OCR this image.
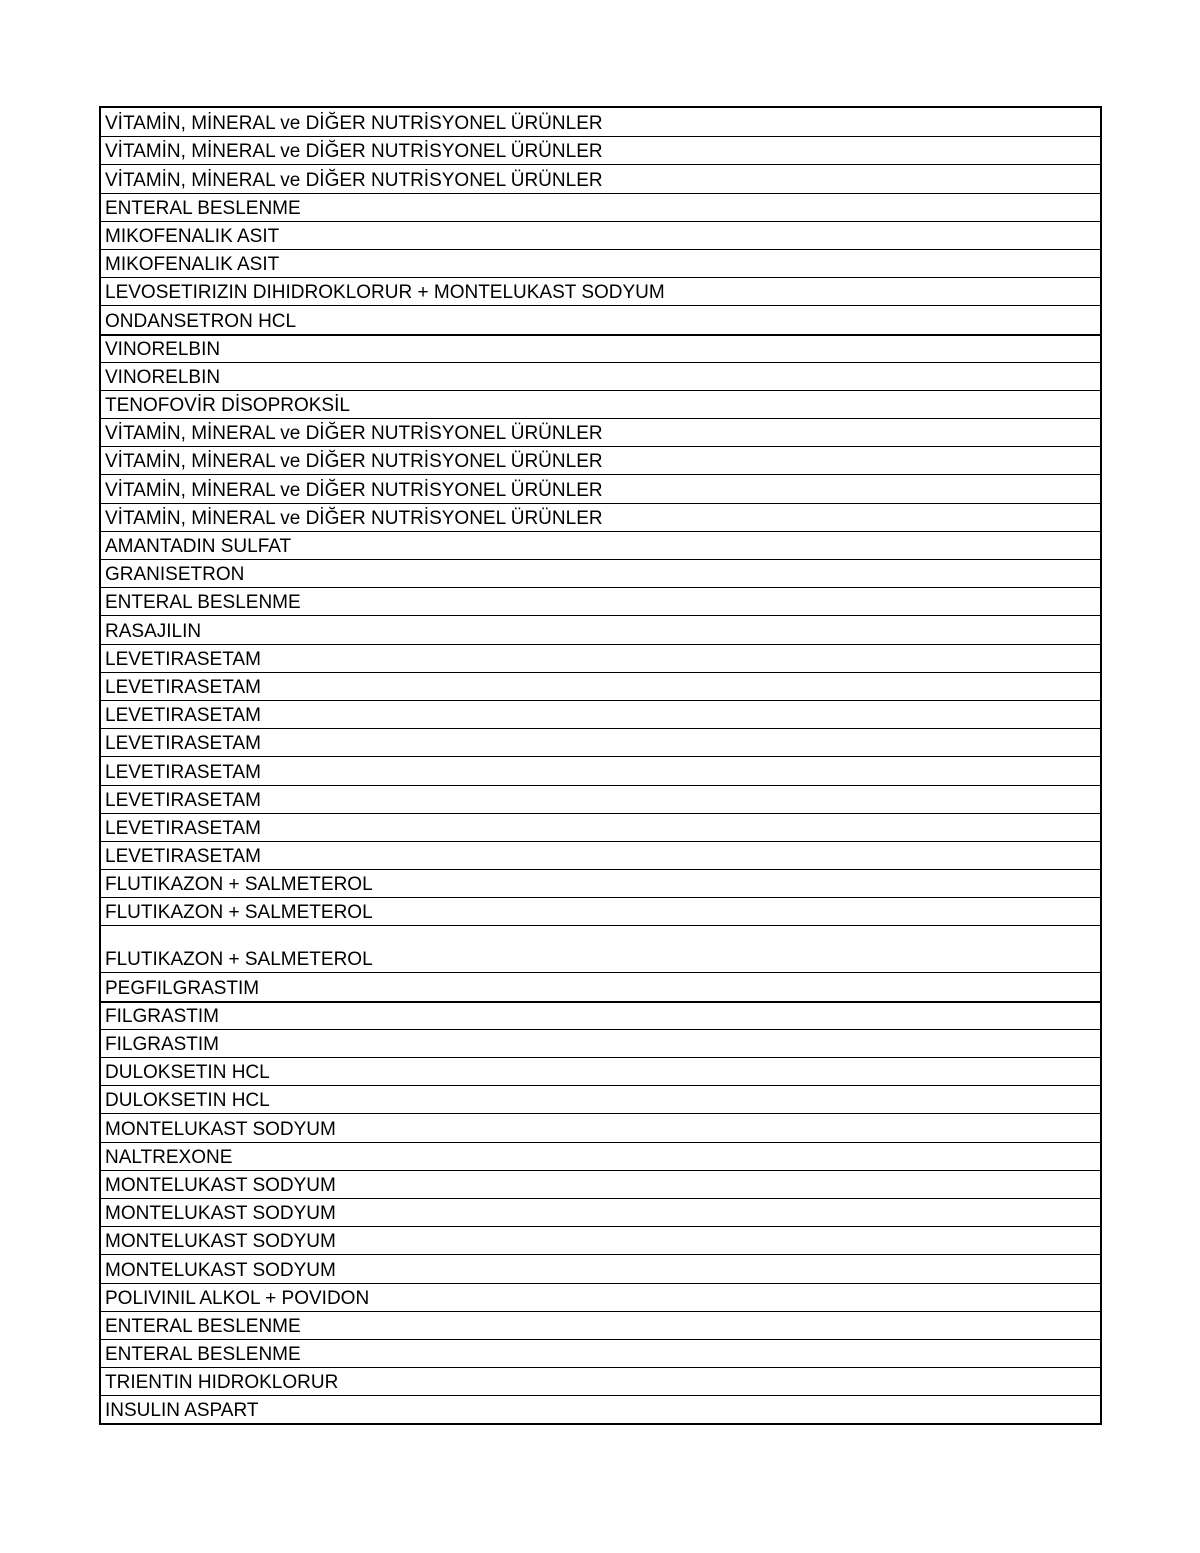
VİTAMİN, MİNERAL ve DİĞER NUTRİSYONEL ÜRÜNLER
VİTAMİN, MİNERAL ve DİĞER NUTRİSYONEL ÜRÜNLER
VİTAMİN, MİNERAL ve DİĞER NUTRİSYONEL ÜRÜNLER
ENTERAL BESLENME
MIKOFENALIK ASIT
MIKOFENALIK ASIT
LEVOSETIRIZIN DIHIDROKLORUR + MONTELUKAST SODYUM
ONDANSETRON HCL
VINORELBIN
VINORELBIN
TENOFOVİR DİSOPROKSİL
VİTAMİN, MİNERAL ve DİĞER NUTRİSYONEL ÜRÜNLER
VİTAMİN, MİNERAL ve DİĞER NUTRİSYONEL ÜRÜNLER
VİTAMİN, MİNERAL ve DİĞER NUTRİSYONEL ÜRÜNLER
VİTAMİN, MİNERAL ve DİĞER NUTRİSYONEL ÜRÜNLER
AMANTADIN SULFAT
GRANISETRON
ENTERAL BESLENME
RASAJILIN
LEVETIRASETAM
LEVETIRASETAM
LEVETIRASETAM
LEVETIRASETAM
LEVETIRASETAM
LEVETIRASETAM
LEVETIRASETAM
LEVETIRASETAM
FLUTIKAZON + SALMETEROL
FLUTIKAZON + SALMETEROL
FLUTIKAZON + SALMETEROL
PEGFILGRASTIM
FILGRASTIM
FILGRASTIM
DULOKSETIN HCL
DULOKSETIN HCL
MONTELUKAST SODYUM
NALTREXONE
MONTELUKAST SODYUM
MONTELUKAST SODYUM
MONTELUKAST SODYUM
MONTELUKAST SODYUM
POLIVINIL ALKOL + POVIDON
ENTERAL BESLENME
ENTERAL BESLENME
TRIENTIN HIDROKLORUR
INSULIN ASPART
